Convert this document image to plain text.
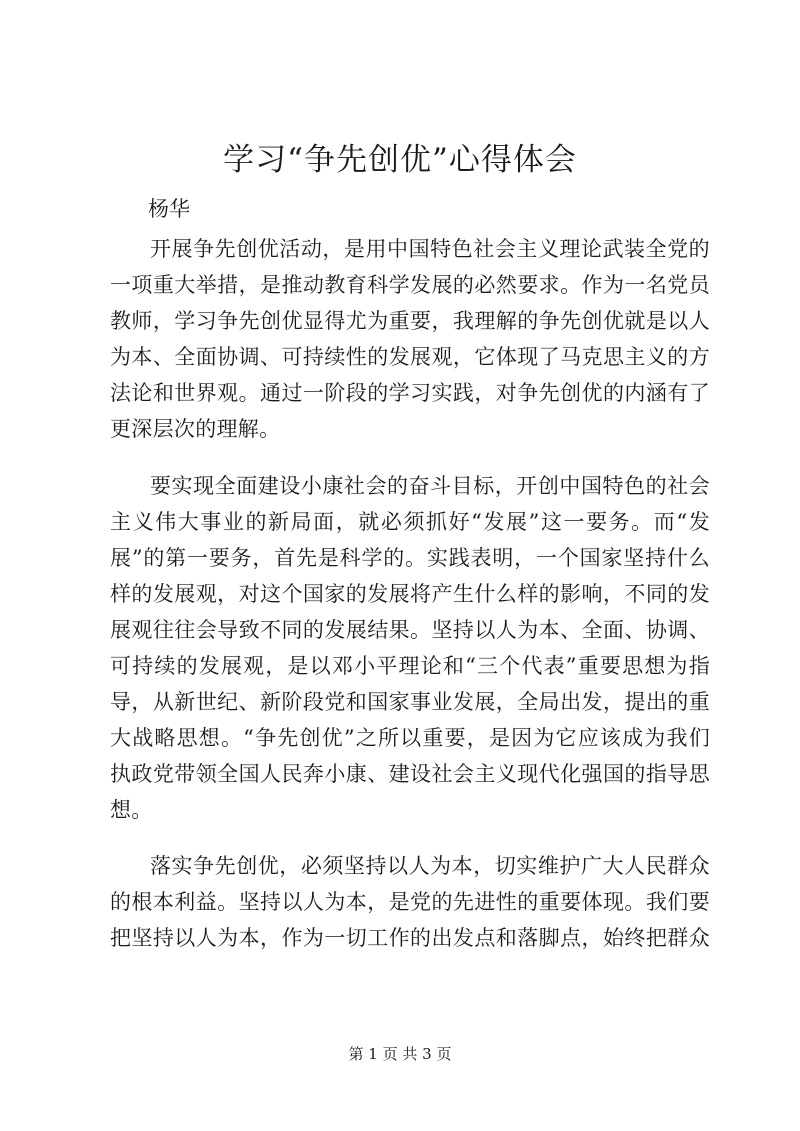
学习“争先创优”心得体会

杨华

开展争先创优活动，是用中国特色社会主义理论武装全党的

一项重大举措，是推动教育科学发展的必然要求。作为一名党员

教师，学习争先创优显得尤为重要，我理解的争先创优就是以人

为本、全面协调、可持续性的发展观，它体现了马克思主义的方

法论和世界观。通过一阶段的学习实践，对争先创优的内涵有了

更深层次的理解。

要实现全面建设小康社会的奋斗目标，开创中国特色的社会

主义伟大事业的新局面，就必须抓好“发展”这一要务。而“发

展”的第一要务，首先是科学的。实践表明，一个国家坚持什么

样的发展观，对这个国家的发展将产生什么样的影响，不同的发

展观往往会导致不同的发展结果。坚持以人为本、全面、协调、

可持续的发展观，是以邓小平理论和“三个代表”重要思想为指

导，从新世纪、新阶段党和国家事业发展，全局出发，提出的重

大战略思想。“争先创优”之所以重要，是因为它应该成为我们

执政党带领全国人民奔小康、建设社会主义现代化强国的指导思

想。

落实争先创优，必须坚持以人为本，切实维护广大人民群众

的根本利益。坚持以人为本，是党的先进性的重要体现。我们要

把坚持以人为本，作为一切工作的出发点和落脚点，始终把群众

第 1 页 共 3 页
